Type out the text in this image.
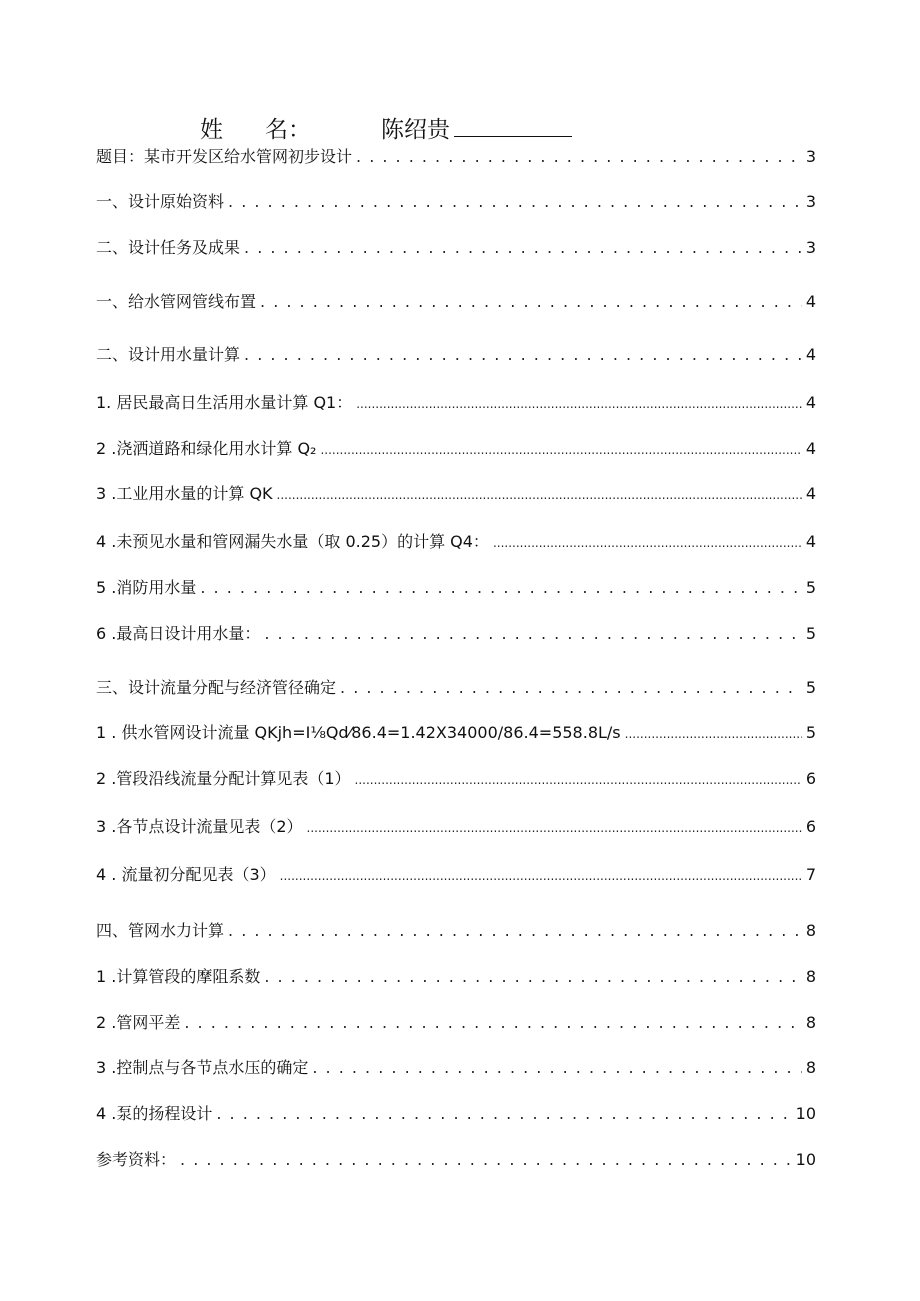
姓 名：	陈绍贵
题目：某市开发区给水管网初步设计 . . .	3
一、设计原始资料 . . .	3
二、设计任务及成果 . . .	3
一、给水管网管线布置 . . .	4
二、设计用水量计算 . . .	4
1. 居民最高日生活用水量计算 Q1： .....	4
2 .浇洒道路和绿化用水计算 Q₂ .....	4
3 .工业用水量的计算 QK .....	4
4 .未预见水量和管网漏失水量（取 0.25）的计算 Q4： .....	4
5 .消防用水量 . . .	5
6 .最高日设计用水量： . . .	5
三、设计流量分配与经济管径确定 . . .	5
1 . 供水管网设计流量 QKjh=I⅛Qd⁄86.4=1.42X34000/86.4=558.8L/s .....	5
2 .管段沿线流量分配计算见表（1） .....	6
3 .各节点设计流量见表（2） .....	6
4 . 流量初分配见表（3） .....	7
四、管网水力计算 . . .	8
1 .计算管段的摩阻系数 . . .	8
2 .管网平差 . . .	8
3 .控制点与各节点水压的确定 . . .	8
4 .泵的扬程设计 . . .	10
参考资料： . . .	10
